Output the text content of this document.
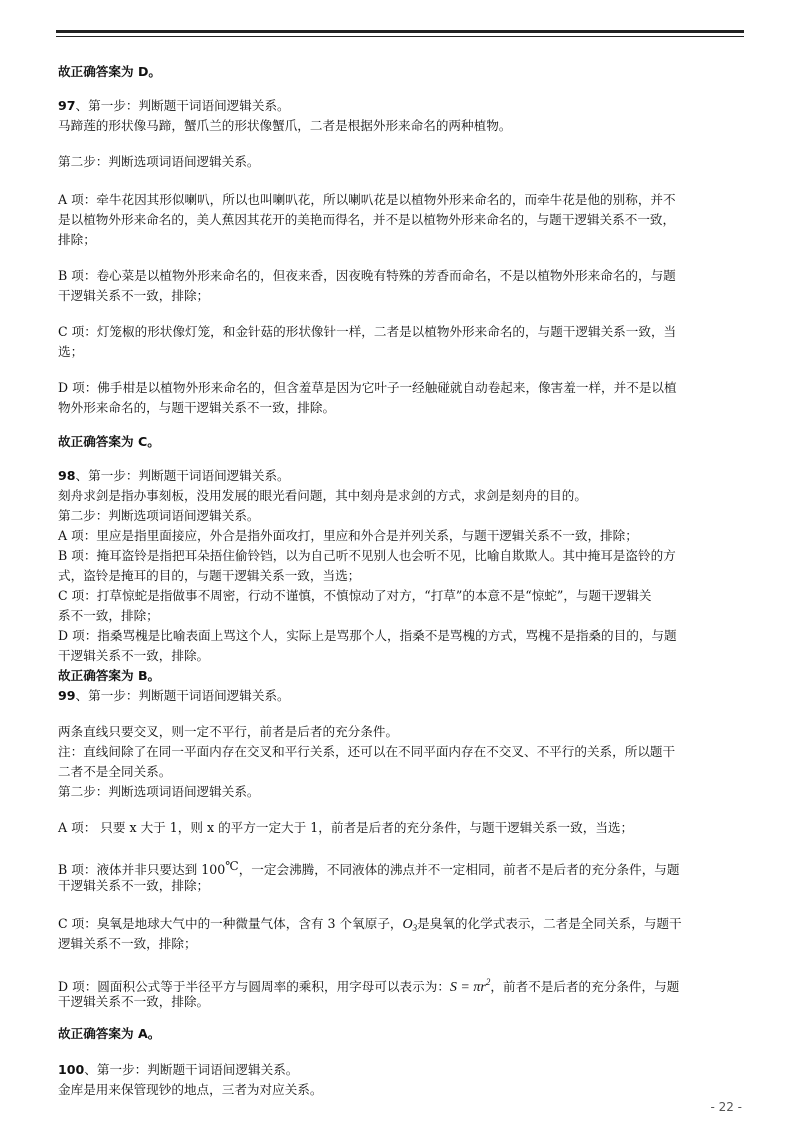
故正确答案为 D。
97、第一步：判断题干词语间逻辑关系。
马蹄莲的形状像马蹄，蟹爪兰的形状像蟹爪，二者是根据外形来命名的两种植物。
第二步：判断选项词语间逻辑关系。
A 项：牵牛花因其形似喇叭，所以也叫喇叭花，所以喇叭花是以植物外形来命名的，而牵牛花是他的别称，并不
是以植物外形来命名的，美人蕉因其花开的美艳而得名，并不是以植物外形来命名的，与题干逻辑关系不一致，
排除；
B 项：卷心菜是以植物外形来命名的，但夜来香，因夜晚有特殊的芳香而命名，不是以植物外形来命名的，与题
干逻辑关系不一致，排除；
C 项：灯笼椒的形状像灯笼，和金针菇的形状像针一样，二者是以植物外形来命名的，与题干逻辑关系一致，当
选；
D 项：佛手柑是以植物外形来命名的，但含羞草是因为它叶子一经触碰就自动卷起来，像害羞一样，并不是以植
物外形来命名的，与题干逻辑关系不一致，排除。
故正确答案为 C。
98、第一步：判断题干词语间逻辑关系。
刻舟求剑是指办事刻板，没用发展的眼光看问题，其中刻舟是求剑的方式，求剑是刻舟的目的。
第二步：判断选项词语间逻辑关系。
A 项：里应是指里面接应，外合是指外面攻打，里应和外合是并列关系，与题干逻辑关系不一致，排除；
B 项：掩耳盗铃是指把耳朵捂住偷铃铛，以为自己听不见别人也会听不见，比喻自欺欺人。其中掩耳是盗铃的方
式，盗铃是掩耳的目的，与题干逻辑关系一致，当选；
C 项：打草惊蛇是指做事不周密，行动不谨慎，不慎惊动了对方，“打草”的本意不是“惊蛇”，与题干逻辑关
系不一致，排除；
D 项：指桑骂槐是比喻表面上骂这个人，实际上是骂那个人，指桑不是骂槐的方式，骂槐不是指桑的目的，与题
干逻辑关系不一致，排除。
故正确答案为 B。
99、第一步：判断题干词语间逻辑关系。
两条直线只要交叉，则一定不平行，前者是后者的充分条件。
注：直线间除了在同一平面内存在交叉和平行关系，还可以在不同平面内存在不交叉、不平行的关系，所以题干
二者不是全同关系。
第二步：判断选项词语间逻辑关系。
A 项： 只要 x 大于 1，则 x 的平方一定大于 1，前者是后者的充分条件，与题干逻辑关系一致，当选；
B 项：液体并非只要达到 100℃，一定会沸腾，不同液体的沸点并不一定相同，前者不是后者的充分条件，与题
干逻辑关系不一致，排除；
C 项：臭氧是地球大气中的一种微量气体，含有 3 个氧原子，$O_3$是臭氧的化学式表示，二者是全同关系，与题干
逻辑关系不一致，排除；
D 项：圆面积公式等于半径平方与圆周率的乘积，用字母可以表示为：$S = \pi r^2$，前者不是后者的充分条件，与题
干逻辑关系不一致，排除。
故正确答案为 A。
100、第一步：判断题干词语间逻辑关系。
金库是用来保管现钞的地点，三者为对应关系。
- 22 -
